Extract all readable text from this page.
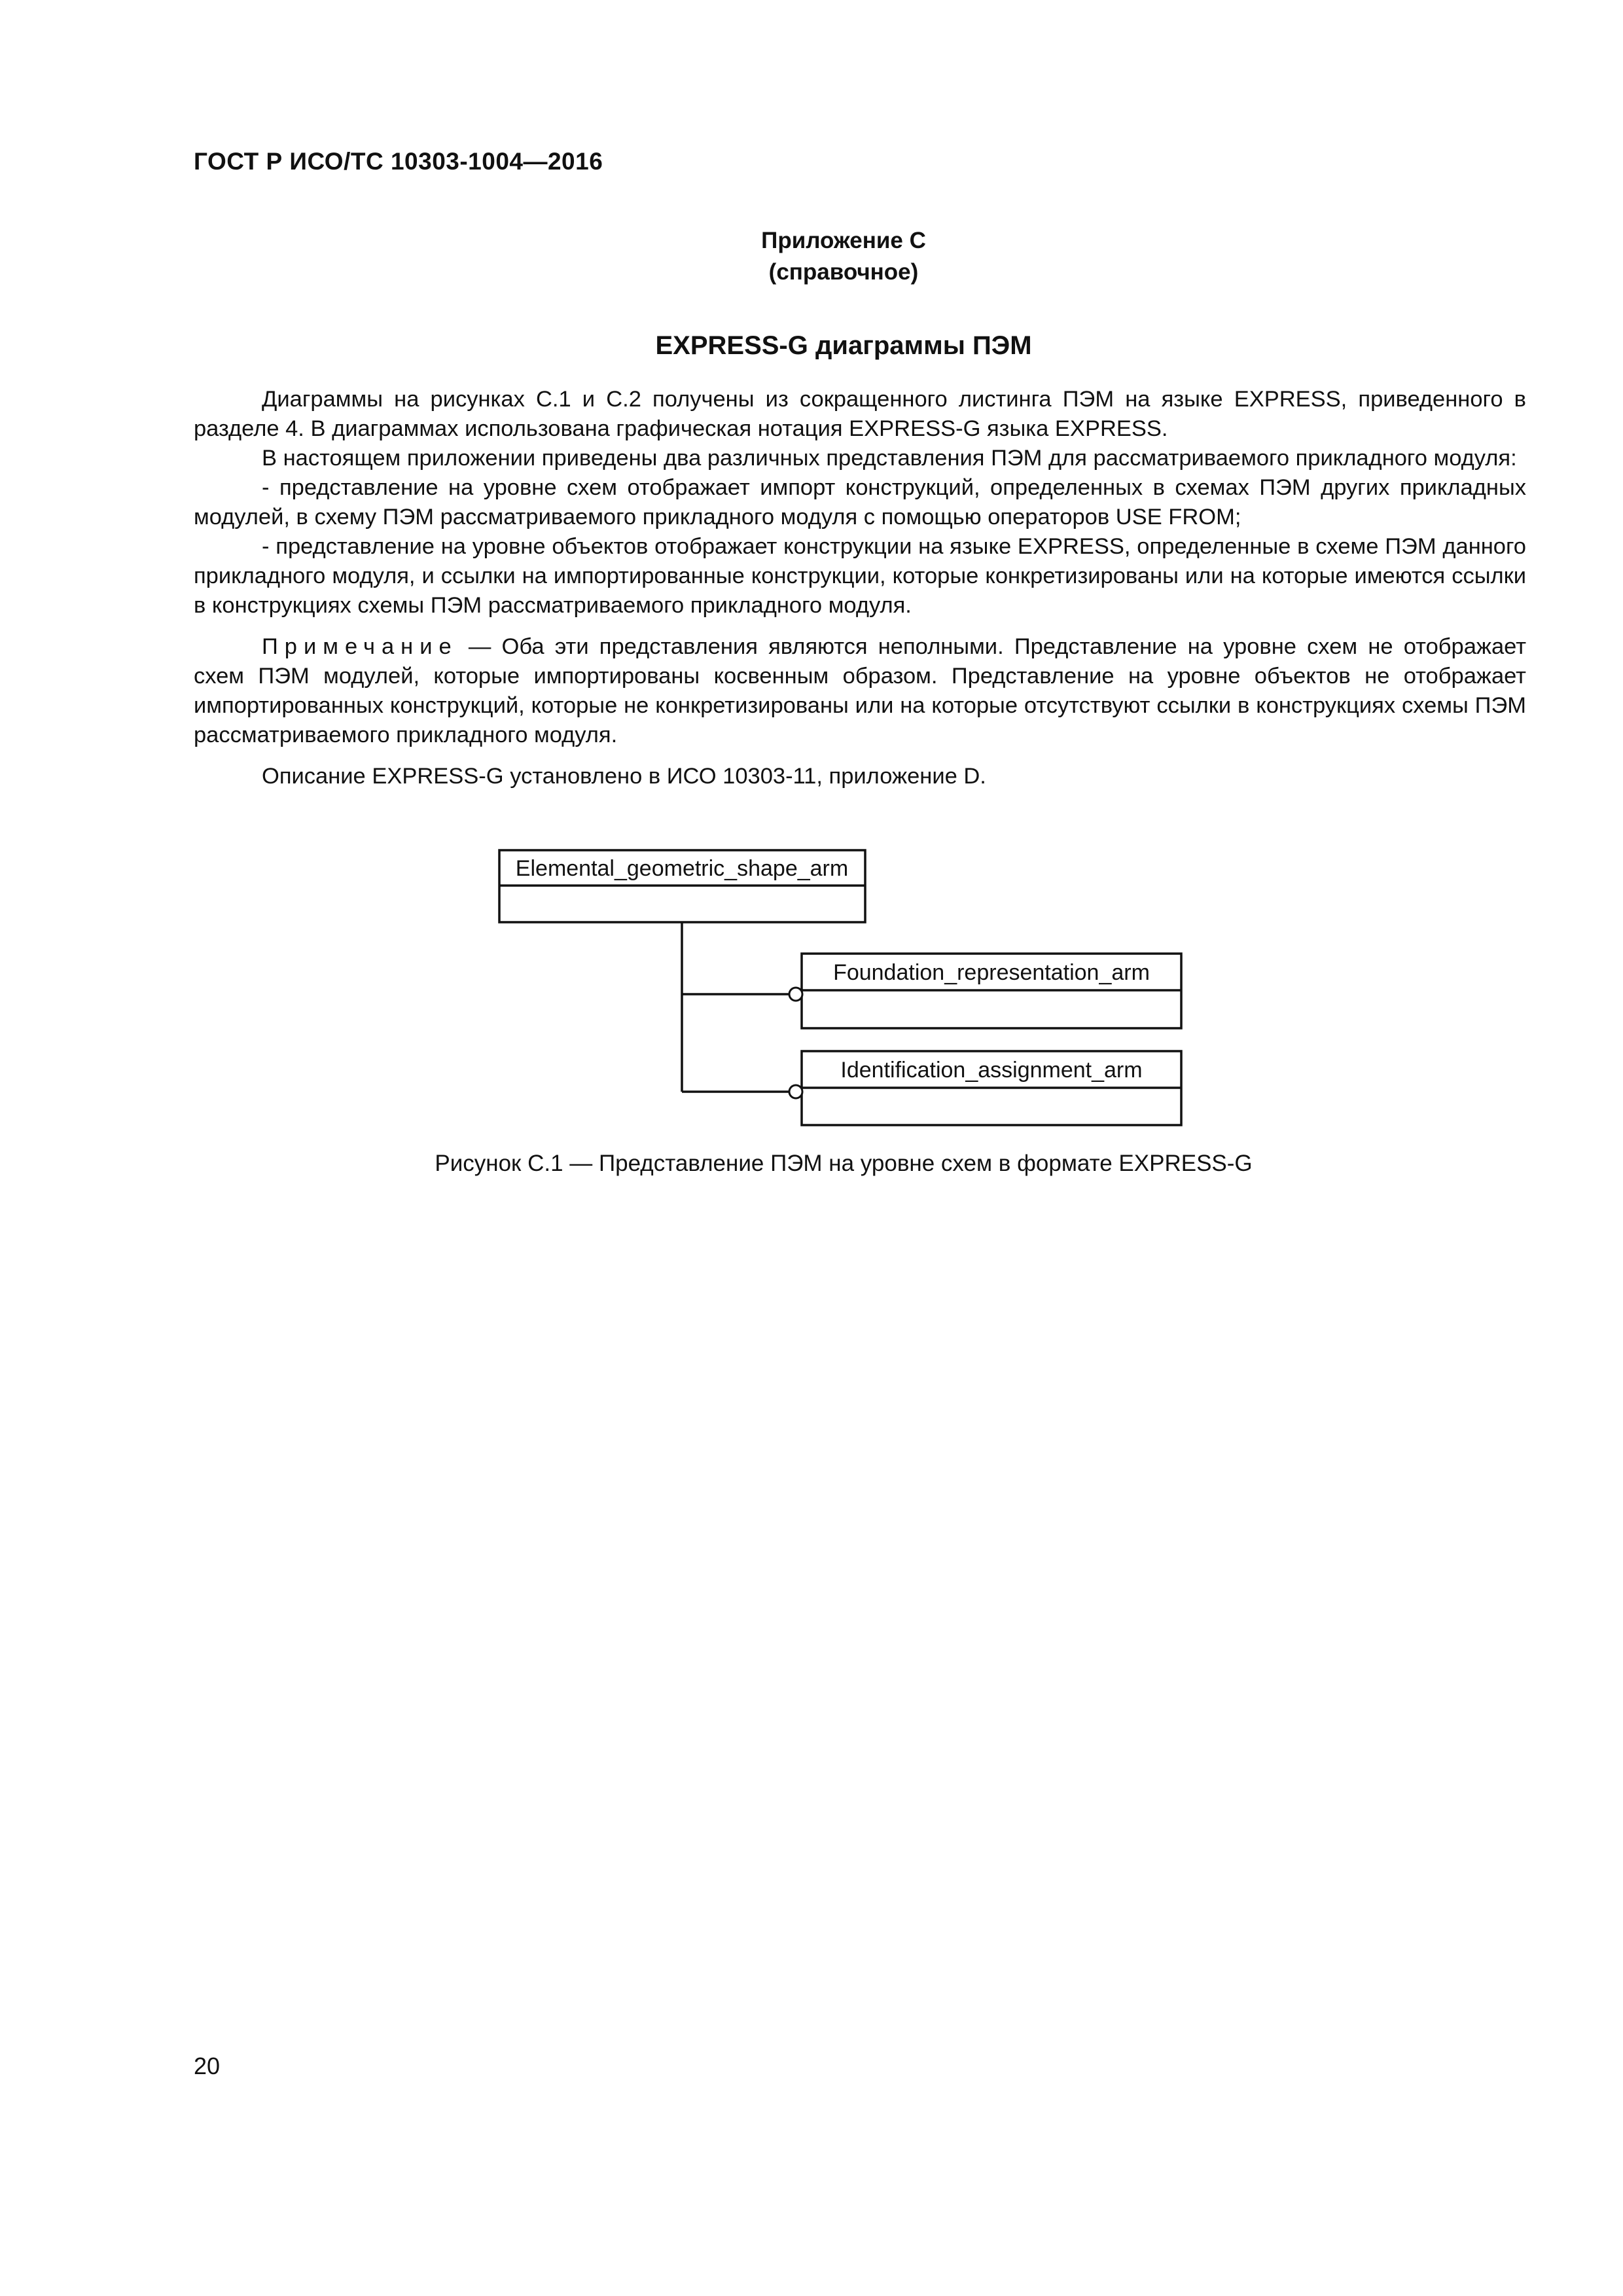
ГОСТ Р ИСО/ТС 10303-1004—2016
Приложение C
(справочное)
EXPRESS-G диаграммы ПЭМ

Диаграммы на рисунках С.1 и С.2 получены из сокращенного листинга ПЭМ на языке EXPRESS, приведенного в разделе 4. В диаграммах использована графическая нотация EXPRESS-G языка EXPRESS.

В настоящем приложении приведены два различных представления ПЭМ для рассматриваемого прикладного модуля:

- представление на уровне схем отображает импорт конструкций, определенных в схемах ПЭМ других прикладных модулей, в схему ПЭМ рассматриваемого прикладного модуля с помощью операторов USE FROM;

- представление на уровне объектов отображает конструкции на языке EXPRESS, определенные в схеме ПЭМ данного прикладного модуля, и ссылки на импортированные конструкции, которые конкретизированы или на которые имеются ссылки в конструкциях схемы ПЭМ рассматриваемого прикладного модуля.

Примечание — Оба эти представления являются неполными. Представление на уровне схем не отображает схем ПЭМ модулей, которые импортированы косвенным образом. Представление на уровне объектов не отображает импортированных конструкций, которые не конкретизированы или на которые отсутствуют ссылки в конструкциях схемы ПЭМ рассматриваемого прикладного модуля.

Описание EXPRESS-G установлено в ИСО 10303-11, приложение D.

Elemental_geometric_shape_arm
Foundation_representation_arm
Identification_assignment_arm
Рисунок С.1 — Представление ПЭМ на уровне схем в формате EXPRESS-G
20
